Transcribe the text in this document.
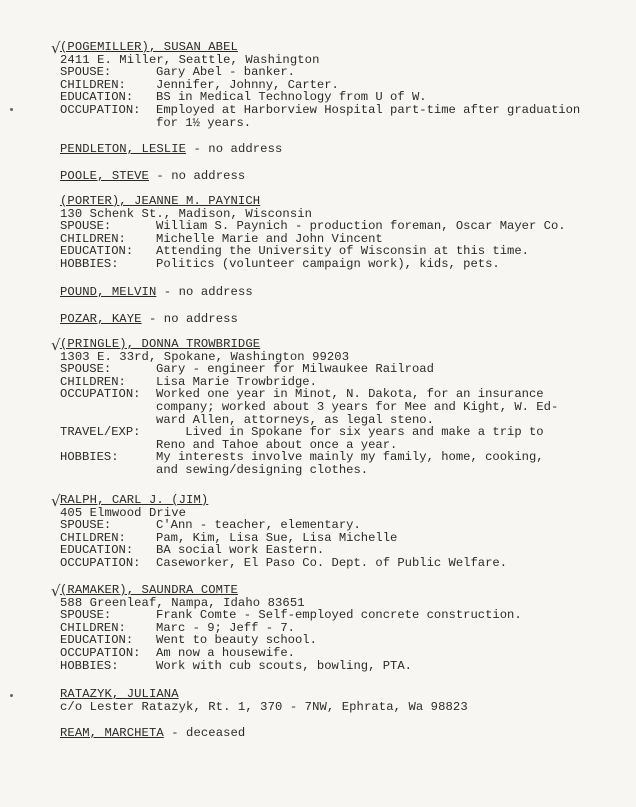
√ (POGEMILLER), SUSAN ABEL
2411 E. Miller, Seattle, Washington
SPOUSE:	Gary Abel - banker.
CHILDREN:	Jennifer, Johnny, Carter.
EDUCATION:	BS in Medical Technology from U of W.
OCCUPATION:	Employed at Harborview Hospital part-time after graduation
for 1½ years.
PENDLETON, LESLIE - no address
POOLE, STEVE - no address
(PORTER), JEANNE M. PAYNICH
130 Schenk St., Madison, Wisconsin
SPOUSE:	William S. Paynich - production foreman, Oscar Mayer Co.
CHILDREN:	Michelle Marie and John Vincent
EDUCATION:	Attending the University of Wisconsin at this time.
HOBBIES:	Politics (volunteer campaign work), kids, pets.
POUND, MELVIN - no address
POZAR, KAYE - no address
√ (PRINGLE), DONNA TROWBRIDGE
1303 E. 33rd, Spokane, Washington 99203
SPOUSE:	Gary - engineer for Milwaukee Railroad
CHILDREN:	Lisa Marie Trowbridge.
OCCUPATION:	Worked one year in Minot, N. Dakota, for an insurance
company; worked about 3 years for Mee and Kight, W. Ed-
ward Allen, attorneys, as legal steno.
TRAVEL/EXP:	Lived in Spokane for six years and make a trip to
Reno and Tahoe about once a year.
HOBBIES:	My interests involve mainly my family, home, cooking,
and sewing/designing clothes.
√ RALPH, CARL J. (JIM)
405 Elmwood Drive
SPOUSE:	C'Ann - teacher, elementary.
CHILDREN:	Pam, Kim, Lisa Sue, Lisa Michelle
EDUCATION:	BA social work Eastern.
OCCUPATION:	Caseworker, El Paso Co. Dept. of Public Welfare.
√ (RAMAKER), SAUNDRA COMTE
588 Greenleaf, Nampa, Idaho 83651
SPOUSE:	Frank Comte - Self-employed concrete construction.
CHILDREN:	Marc - 9; Jeff - 7.
EDUCATION:	Went to beauty school.
OCCUPATION:	Am now a housewife.
HOBBIES:	Work with cub scouts, bowling, PTA.
RATAZYK, JULIANA
c/o Lester Ratazyk, Rt. 1, 370 - 7NW, Ephrata, Wa 98823
REAM, MARCHETA - deceased
